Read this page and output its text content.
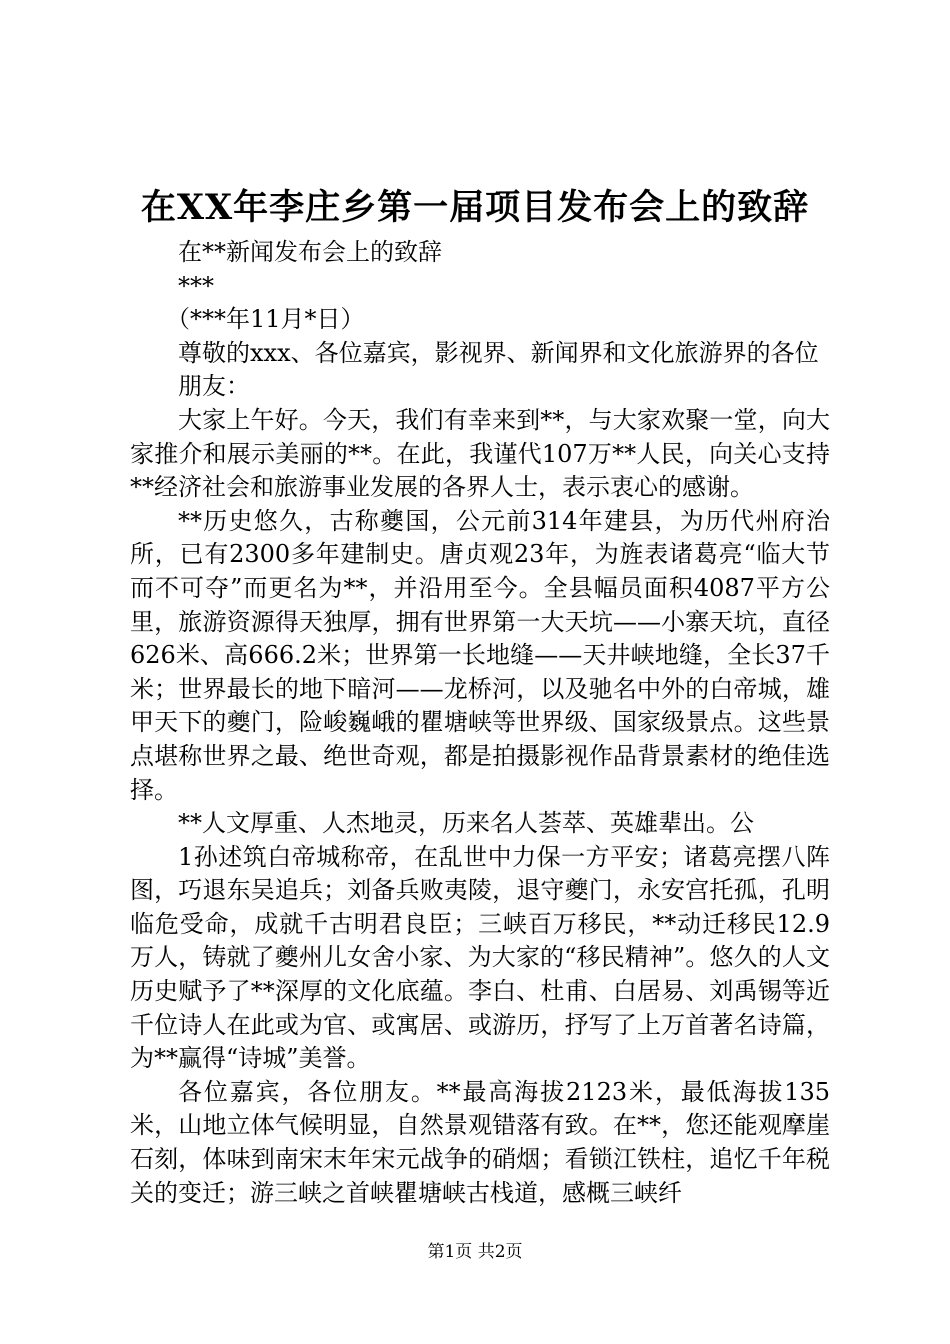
在XX年李庄乡第一届项目发布会上的致辞

在**新闻发布会上的致辞

***

（***年11月*日）

尊敬的xxx、各位嘉宾，影视界、新闻界和文化旅游界的各位

朋友：

大家上午好。今天，我们有幸来到**，与大家欢聚一堂，向大家推介和展示美丽的**。在此，我谨代107万**人民，向关心支持**经济社会和旅游事业发展的各界人士，表示衷心的感谢。

**历史悠久，古称夔国，公元前314年建县，为历代州府治所，已有2300多年建制史。唐贞观23年，为旌表诸葛亮“临大节而不可夺”而更名为**，并沿用至今。全县幅员面积4087平方公里，旅游资源得天独厚，拥有世界第一大天坑——小寨天坑，直径626米、高666.2米；世界第一长地缝——天井峡地缝，全长37千米；世界最长的地下暗河——龙桥河，以及驰名中外的白帝城，雄甲天下的夔门，险峻巍峨的瞿塘峡等世界级、国家级景点。这些景点堪称世界之最、绝世奇观，都是拍摄影视作品背景素材的绝佳选择。

**人文厚重、人杰地灵，历来名人荟萃、英雄辈出。公

1孙述筑白帝城称帝，在乱世中力保一方平安；诸葛亮摆八阵图，巧退东吴追兵；刘备兵败夷陵，退守夔门，永安宫托孤，孔明临危受命，成就千古明君良臣；三峡百万移民，**动迁移民12.9万人，铸就了夔州儿女舍小家、为大家的“移民精神”。悠久的人文历史赋予了**深厚的文化底蕴。李白、杜甫、白居易、刘禹锡等近千位诗人在此或为官、或寓居、或游历，抒写了上万首著名诗篇，为**赢得“诗城”美誉。

各位嘉宾，各位朋友。**最高海拔2123米，最低海拔135米，山地立体气候明显，自然景观错落有致。在**，您还能观摩崖石刻，体味到南宋末年宋元战争的硝烟；看锁江铁柱，追忆千年税关的变迁；游三峡之首峡瞿塘峡古栈道，感概三峡纤

第1页 共2页
